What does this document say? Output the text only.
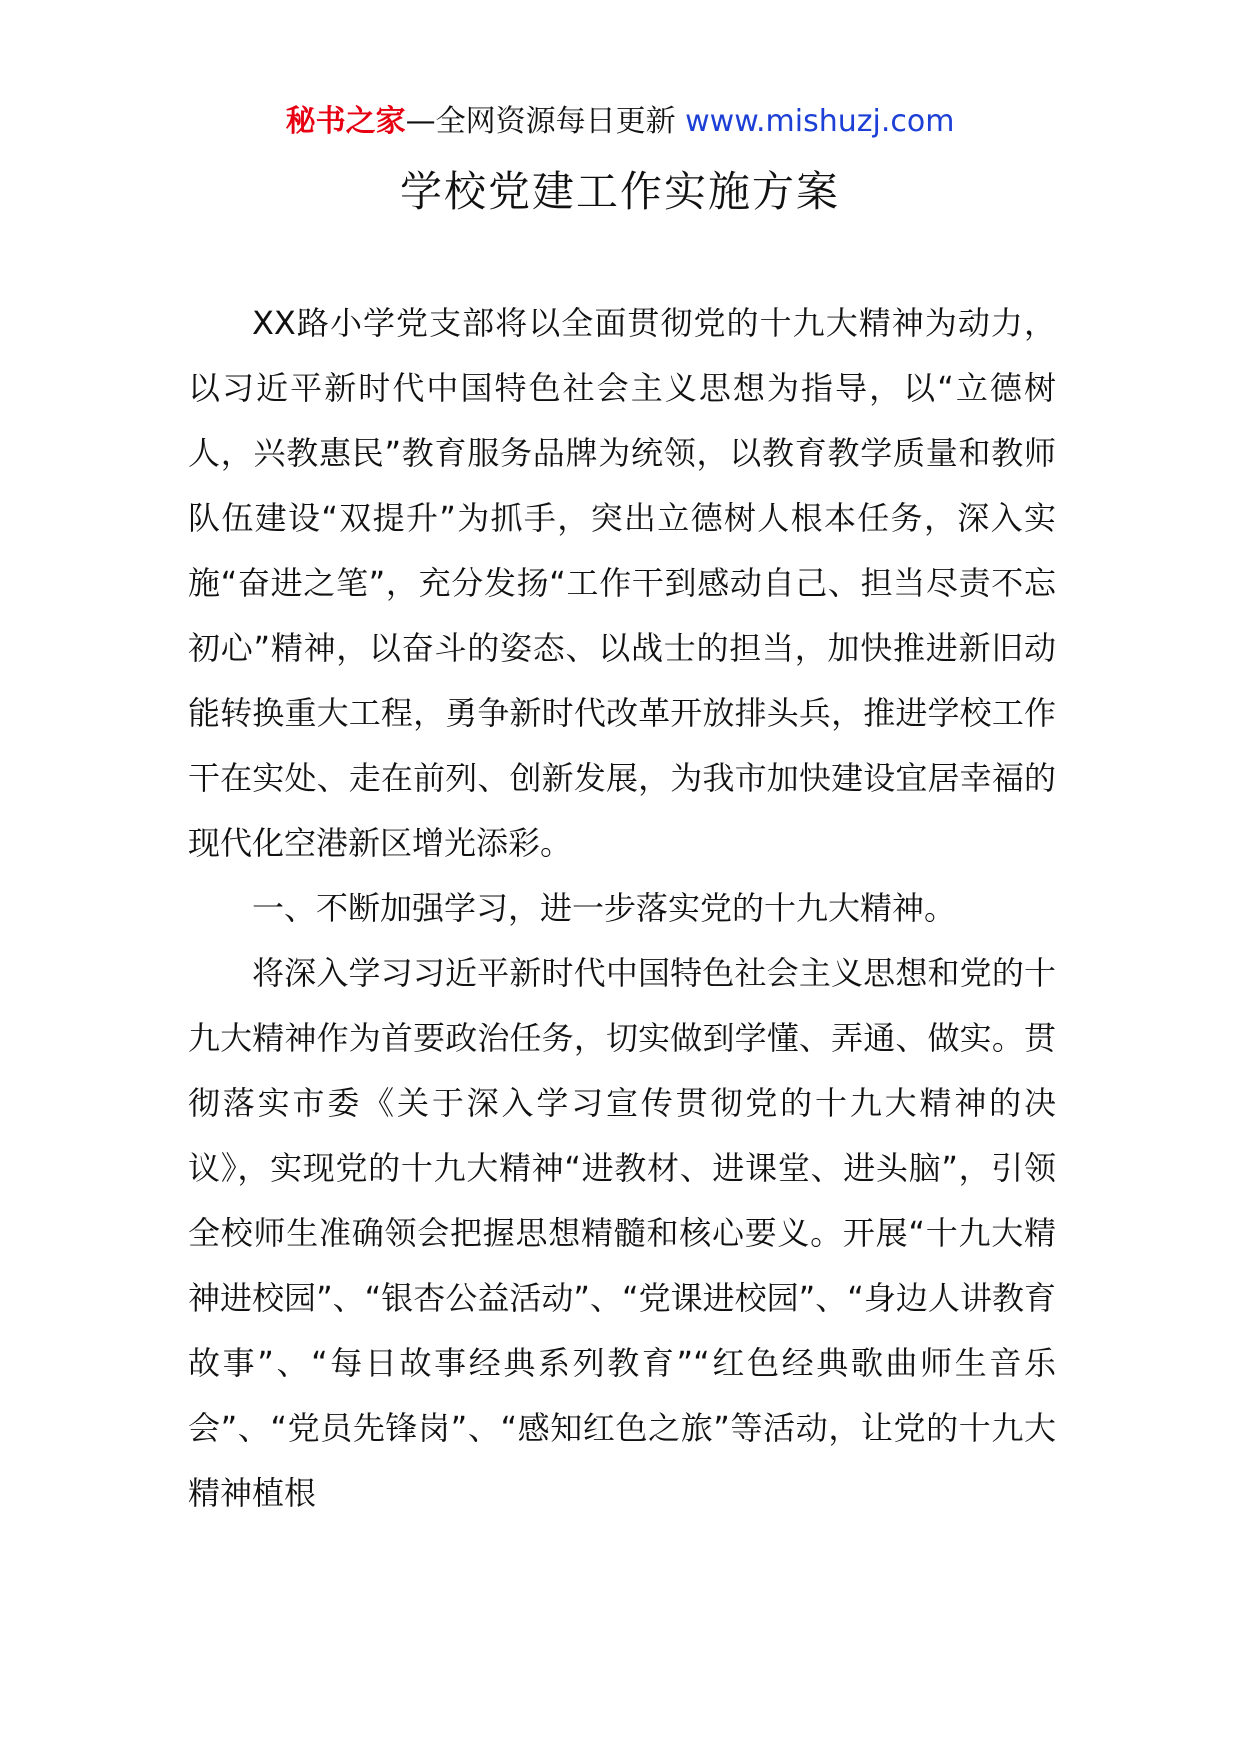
秘书之家—全网资源每日更新 www.mishuzj.com
学校党建工作实施方案

XX路小学党支部将以全面贯彻党的十九大精神为动力，以习近平新时代中国特色社会主义思想为指导，以“立德树人，兴教惠民”教育服务品牌为统领，以教育教学质量和教师队伍建设“双提升”为抓手，突出立德树人根本任务，深入实施“奋进之笔”，充分发扬“工作干到感动自己、担当尽责不忘初心”精神，以奋斗的姿态、以战士的担当，加快推进新旧动能转换重大工程，勇争新时代改革开放排头兵，推进学校工作干在实处、走在前列、创新发展，为我市加快建设宜居幸福的现代化空港新区增光添彩。

一、不断加强学习，进一步落实党的十九大精神。

将深入学习习近平新时代中国特色社会主义思想和党的十九大精神作为首要政治任务，切实做到学懂、弄通、做实。贯彻落实市委《关于深入学习宣传贯彻党的十九大精神的决议》，实现党的十九大精神“进教材、进课堂、进头脑”，引领全校师生准确领会把握思想精髓和核心要义。开展“十九大精神进校园”、“银杏公益活动”、“党课进校园”、“身边人讲教育故事”、“每日故事经典系列教育”“红色经典歌曲师生音乐会”、“党员先锋岗”、“感知红色之旅”等活动，让党的十九大精神植根
